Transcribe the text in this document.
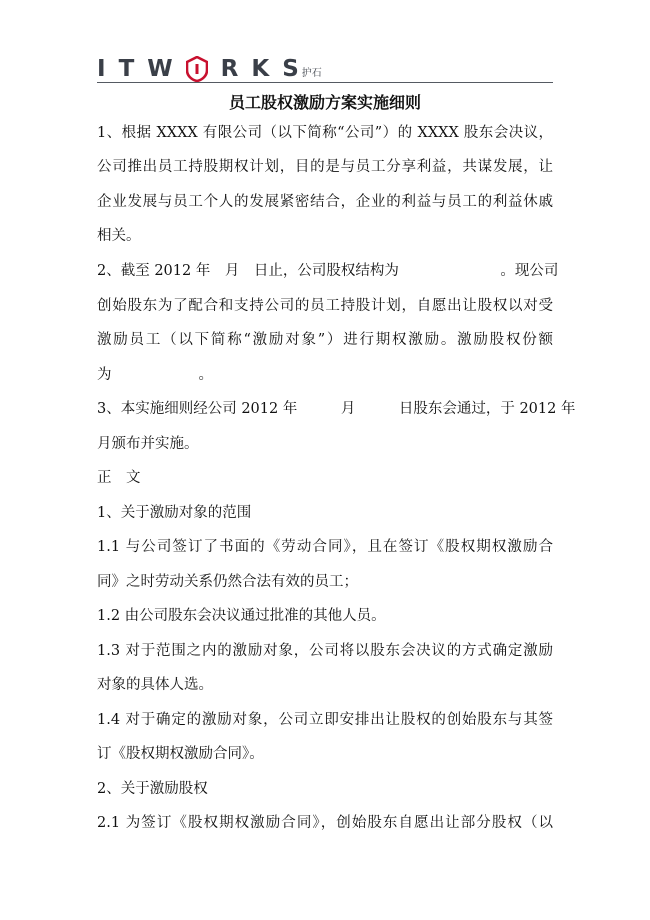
I T W R K S 护石
员工股权激励方案实施细则
1、根据 XXXX 有限公司（以下简称“公司”）的 XXXX 股东会决议，
公司推出员工持股期权计划，目的是与员工分享利益，共谋发展，让
企业发展与员工个人的发展紧密结合，企业的利益与员工的利益休戚
相关。
2、截至 2012 年　月　日止，公司股权结构为　　　　　　　。现公司
创始股东为了配合和支持公司的员工持股计划，自愿出让股权以对受
激励员工（以下简称“激励对象”）进行期权激励。激励股权份额
为　　　　　　。
3、本实施细则经公司 2012 年　　　月　　　日股东会通过，于 2012 年
月颁布并实施。
正　文
1、关于激励对象的范围
1.1 与公司签订了书面的《劳动合同》，且在签订《股权期权激励合
同》之时劳动关系仍然合法有效的员工；
1.2 由公司股东会决议通过批准的其他人员。
1.3 对于范围之内的激励对象，公司将以股东会决议的方式确定激励
对象的具体人选。
1.4 对于确定的激励对象，公司立即安排出让股权的创始股东与其签
订《股权期权激励合同》。
2、关于激励股权
2.1 为签订《股权期权激励合同》，创始股东自愿出让部分股权（以
